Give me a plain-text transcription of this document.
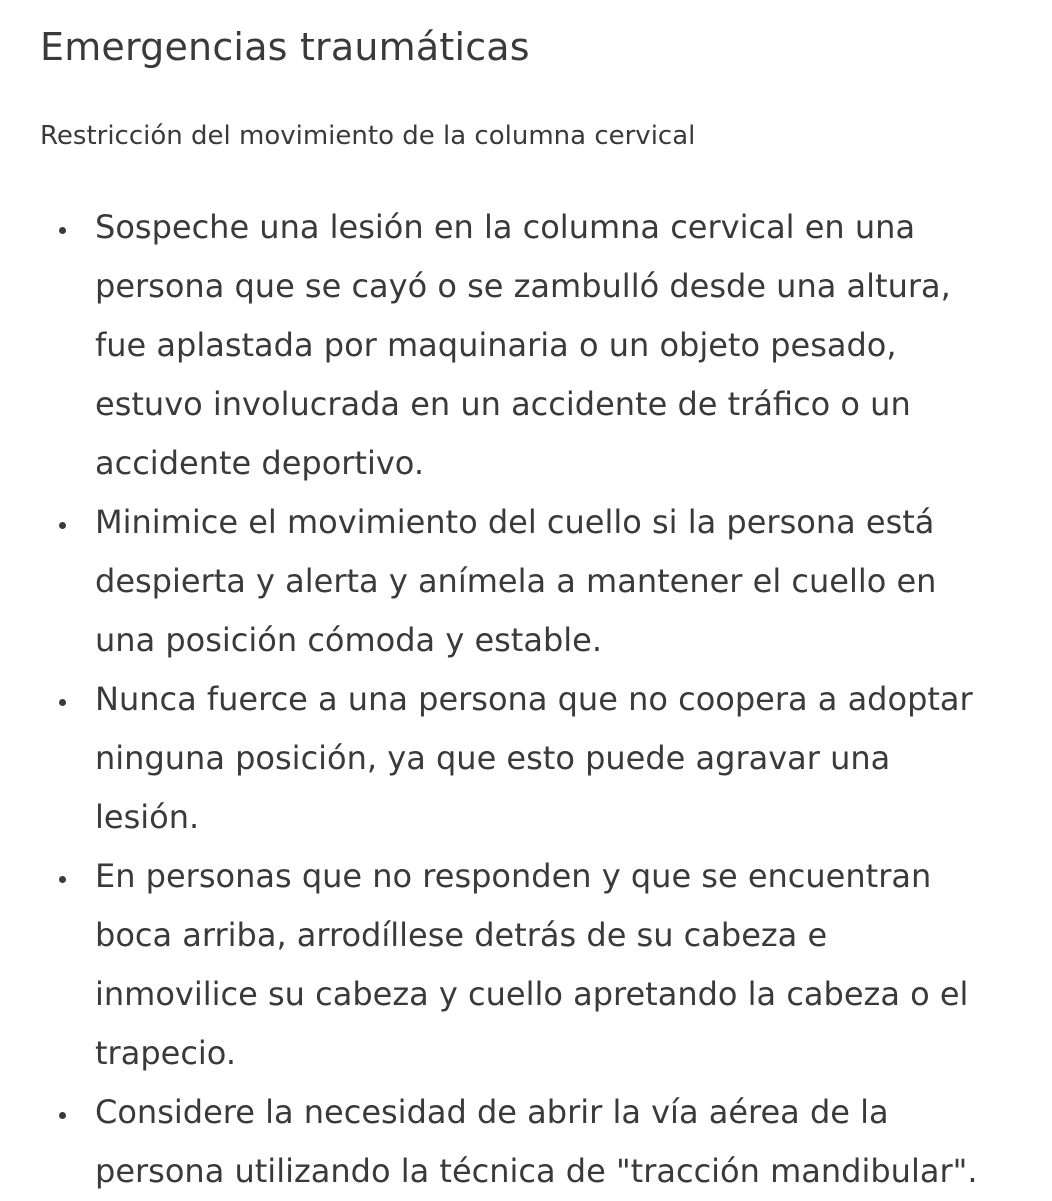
Emergencias traumáticas

Restricción del movimiento de la columna cervical

Sospeche una lesión en la columna cervical en una
persona que se cayó o se zambulló desde una altura,
fue aplastada por maquinaria o un objeto pesado,
estuvo involucrada en un accidente de tráfico o un
accidente deportivo.
Minimice el movimiento del cuello si la persona está
despierta y alerta y anímela a mantener el cuello en
una posición cómoda y estable.
Nunca fuerce a una persona que no coopera a adoptar
ninguna posición, ya que esto puede agravar una
lesión.
En personas que no responden y que se encuentran
boca arriba, arrodíllese detrás de su cabeza e
inmovilice su cabeza y cuello apretando la cabeza o el
trapecio.
Considere la necesidad de abrir la vía aérea de la
persona utilizando la técnica de "tracción mandibular".
